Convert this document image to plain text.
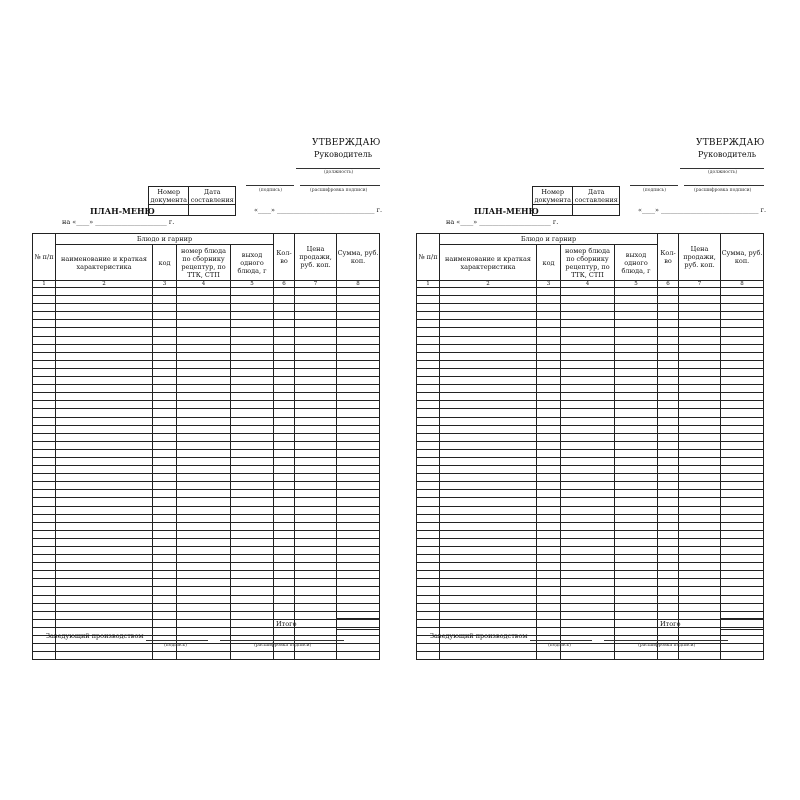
УТВЕРЖДАЮ
Руководитель
(должность)
(подпись)	(расшифровка подписи)
Номер документа	Дата составления

ПЛАН-МЕНЮ	«____» ______________________________ г.
на «____» ______________________ г.
№ п/п	Блюдо и гарнир				Кол-во	Цена продажи, руб. коп.	Сумма, руб. коп.
	наименование и краткая характеристика	код	номер блюда по сборнику рецептур, по ТТК, СТП	выход одного блюда, г			
1	2	3	4	5	6	7	8

Итого
Заведующий производством
(подпись)	(расшифровка подписи)
УТВЕРЖДАЮ
Руководитель
(должность)
(подпись)	(расшифровка подписи)
Номер документа	Дата составления

ПЛАН-МЕНЮ	«____» ______________________________ г.
на «____» ______________________ г.
№ п/п	Блюдо и гарнир				Кол-во	Цена продажи, руб. коп.	Сумма, руб. коп.
	наименование и краткая характеристика	код	номер блюда по сборнику рецептур, по ТТК, СТП	выход одного блюда, г			
1	2	3	4	5	6	7	8

Итого
Заведующий производством
(подпись)	(расшифровка подписи)
